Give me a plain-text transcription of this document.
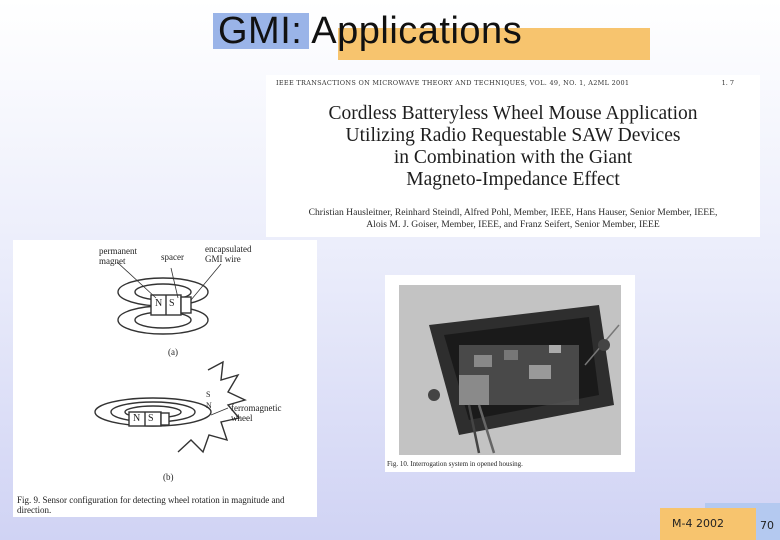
GMI: Applications
IEEE TRANSACTIONS ON MICROWAVE THEORY AND TECHNIQUES, VOL. 49, NO. 1, A2ML 2001	1. 7
Cordless Batteryless Wheel Mouse Application
Utilizing Radio Requestable SAW Devices
in Combination with the Giant
Magneto-Impedance Effect
Christian Hausleitner, Reinhard Steindl, Alfred Pohl, Member, IEEE, Hans Hauser, Senior Member, IEEE,
Alois M. J. Goiser, Member, IEEE, and Franz Seifert, Senior Member, IEEE
permanent magnet	spacer
encapsulated GMI wire
N S
(a)
N S
S
N ferromagnetic wheel
(b)
Fig. 9. Sensor configuration for detecting wheel rotation in magnitude and direction.
Fig. 10. Interrogation system in opened housing.
M-4 2002	70
